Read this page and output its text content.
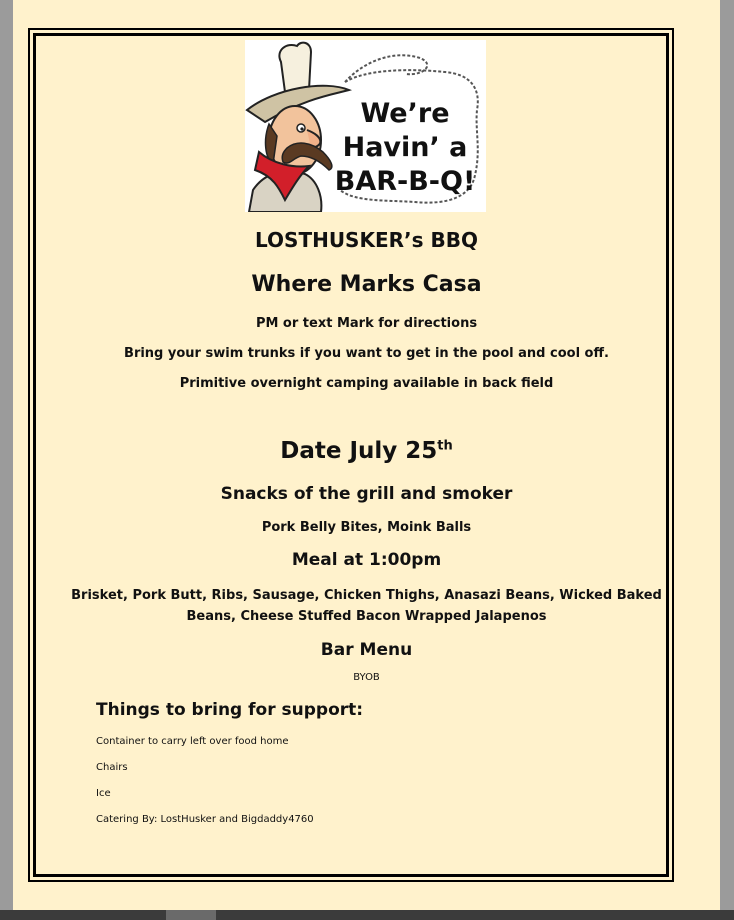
We’re
Havin’ a
BAR-B-Q!
LOSTHUSKER’s BBQ
Where Marks Casa
PM or text Mark for directions
Bring your swim trunks if you want to get in the pool and cool off.
Primitive overnight camping available in back field
Date July 25th
Snacks of the grill and smoker
Pork Belly Bites, Moink Balls
Meal at 1:00pm
Brisket, Pork Butt, Ribs, Sausage, Chicken Thighs, Anasazi Beans, Wicked Baked
Beans, Cheese Stuffed Bacon Wrapped Jalapenos
Bar Menu
BYOB
Things to bring for support:
Container to carry left over food home
Chairs
Ice
Catering By: LostHusker and Bigdaddy4760
